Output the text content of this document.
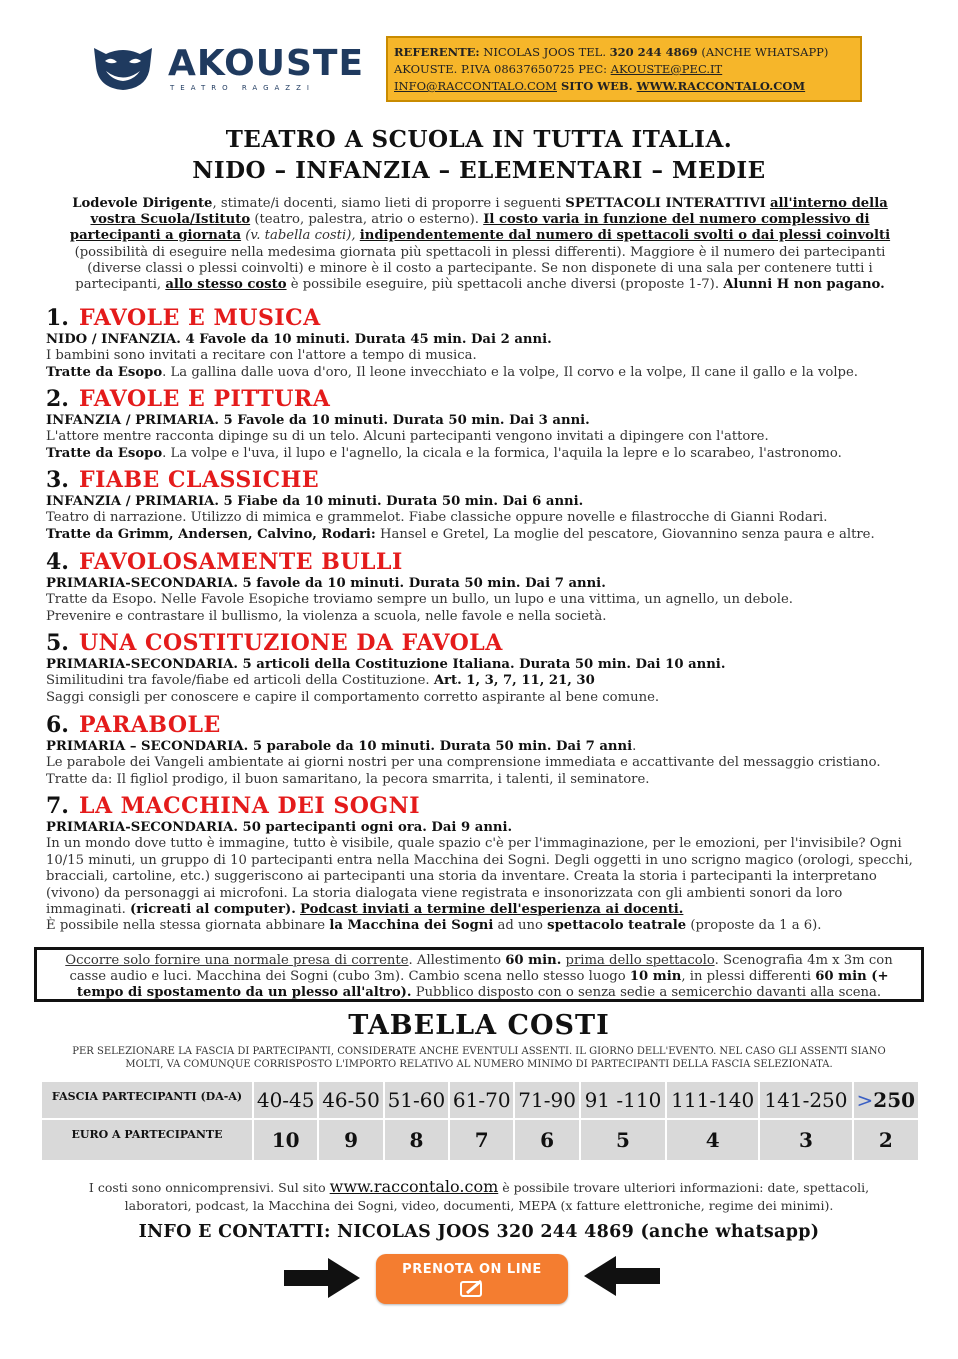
AKOUSTE
TEATRO RAGAZZI
REFERENTE: NICOLAS JOOS TEL. 320 244 4869 (ANCHE WHATSAPP)
AKOUSTE. P.IVA 08637650725 PEC: AKOUSTE@PEC.IT
INFO@RACCONTALO.COM SITO WEB. WWW.RACCONTALO.COM
TEATRO A SCUOLA IN TUTTA ITALIA.
NIDO – INFANZIA – ELEMENTARI – MEDIE
Lodevole Dirigente, stimate/i docenti, siamo lieti di proporre i seguenti SPETTACOLI INTERATTIVI all'interno della vostra Scuola/Istituto (teatro, palestra, atrio o esterno). Il costo varia in funzione del numero complessivo di partecipanti a giornata (v. tabella costi), indipendentemente dal numero di spettacoli svolti o dai plessi coinvolti (possibilità di eseguire nella medesima giornata più spettacoli in plessi differenti). Maggiore è il numero dei partecipanti (diverse classi o plessi coinvolti) e minore è il costo a partecipante. Se non disponete di una sala per contenere tutti i partecipanti, allo stesso costo è possibile eseguire, più spettacoli anche diversi (proposte 1-7). Alunni H non pagano.
1. FAVOLE E MUSICA
NIDO / INFANZIA. 4 Favole da 10 minuti. Durata 45 min. Dai 2 anni.
I bambini sono invitati a recitare con l'attore a tempo di musica.
Tratte da Esopo. La gallina dalle uova d'oro, Il leone invecchiato e la volpe, Il corvo e la volpe, Il cane il gallo e la volpe.
2. FAVOLE E PITTURA
INFANZIA / PRIMARIA. 5 Favole da 10 minuti. Durata 50 min. Dai 3 anni.
L'attore mentre racconta dipinge su di un telo. Alcuni partecipanti vengono invitati a dipingere con l'attore.
Tratte da Esopo. La volpe e l'uva, il lupo e l'agnello, la cicala e la formica, l'aquila la lepre e lo scarabeo, l'astronomo.
3. FIABE CLASSICHE
INFANZIA / PRIMARIA. 5 Fiabe da 10 minuti. Durata 50 min. Dai 6 anni.
Teatro di narrazione. Utilizzo di mimica e grammelot. Fiabe classiche oppure novelle e filastrocche di Gianni Rodari.
Tratte da Grimm, Andersen, Calvino, Rodari: Hansel e Gretel, La moglie del pescatore, Giovannino senza paura e altre.
4. FAVOLOSAMENTE BULLI
PRIMARIA-SECONDARIA. 5 favole da 10 minuti. Durata 50 min. Dai 7 anni.
Tratte da Esopo. Nelle Favole Esopiche troviamo sempre un bullo, un lupo e una vittima, un agnello, un debole.
Prevenire e contrastare il bullismo, la violenza a scuola, nelle favole e nella società.
5. UNA COSTITUZIONE DA FAVOLA
PRIMARIA-SECONDARIA. 5 articoli della Costituzione Italiana. Durata 50 min. Dai 10 anni.
Similitudini tra favole/fiabe ed articoli della Costituzione. Art. 1, 3, 7, 11, 21, 30
Saggi consigli per conoscere e capire il comportamento corretto aspirante al bene comune.
6. PARABOLE
PRIMARIA – SECONDARIA. 5 parabole da 10 minuti. Durata 50 min. Dai 7 anni.
Le parabole dei Vangeli ambientate ai giorni nostri per una comprensione immediata e accattivante del messaggio cristiano. Tratte da: Il figliol prodigo, il buon samaritano, la pecora smarrita, i talenti, il seminatore.
7. LA MACCHINA DEI SOGNI
PRIMARIA-SECONDARIA. 50 partecipanti ogni ora. Dai 9 anni.
In un mondo dove tutto è immagine, tutto è visibile, quale spazio c'è per l'immaginazione, per le emozioni, per l'invisibile? Ogni 10/15 minuti, un gruppo di 10 partecipanti entra nella Macchina dei Sogni. Degli oggetti in uno scrigno magico (orologi, specchi, bracciali, cartoline, etc.) suggeriscono ai partecipanti una storia da inventare. Creata la storia i partecipanti la interpretano (vivono) da personaggi ai microfoni. La storia dialogata viene registrata e insonorizzata con gli ambienti sonori da loro immaginati. (ricreati al computer). Podcast inviati a termine dell'esperienza ai docenti.
È possibile nella stessa giornata abbinare la Macchina dei Sogni ad uno spettacolo teatrale (proposte da 1 a 6).
Occorre solo fornire una normale presa di corrente. Allestimento 60 min. prima dello spettacolo. Scenografia 4m x 3m con casse audio e luci. Macchina dei Sogni (cubo 3m). Cambio scena nello stesso luogo 10 min, in plessi differenti 60 min (+ tempo di spostamento da un plesso all'altro). Pubblico disposto con o senza sedie a semicerchio davanti alla scena.
TABELLA COSTI
PER SELEZIONARE LA FASCIA DI PARTECIPANTI, CONSIDERATE ANCHE EVENTULI ASSENTI. IL GIORNO DELL'EVENTO. NEL CASO GLI ASSENTI SIANO MOLTI, VA COMUNQUE CORRISPOSTO L'IMPORTO RELATIVO AL NUMERO MINIMO DI PARTECIPANTI DELLA FASCIA SELEZIONATA.
FASCIA PARTECIPANTI (DA-A)	40-45	46-50	51-60	61-70	71-90	91 -110	111-140	141-250	>250
EURO A PARTECIPANTE	10	9	8	7	6	5	4	3	2
I costi sono onnicomprensivi. Sul sito www.raccontalo.com è possibile trovare ulteriori informazioni: date, spettacoli, laboratori, podcast, la Macchina dei Sogni, video, documenti, MEPA (x fatture elettroniche, regime dei minimi).
INFO E CONTATTI: NICOLAS JOOS 320 244 4869 (anche whatsapp)
PRENOTA ON LINE
